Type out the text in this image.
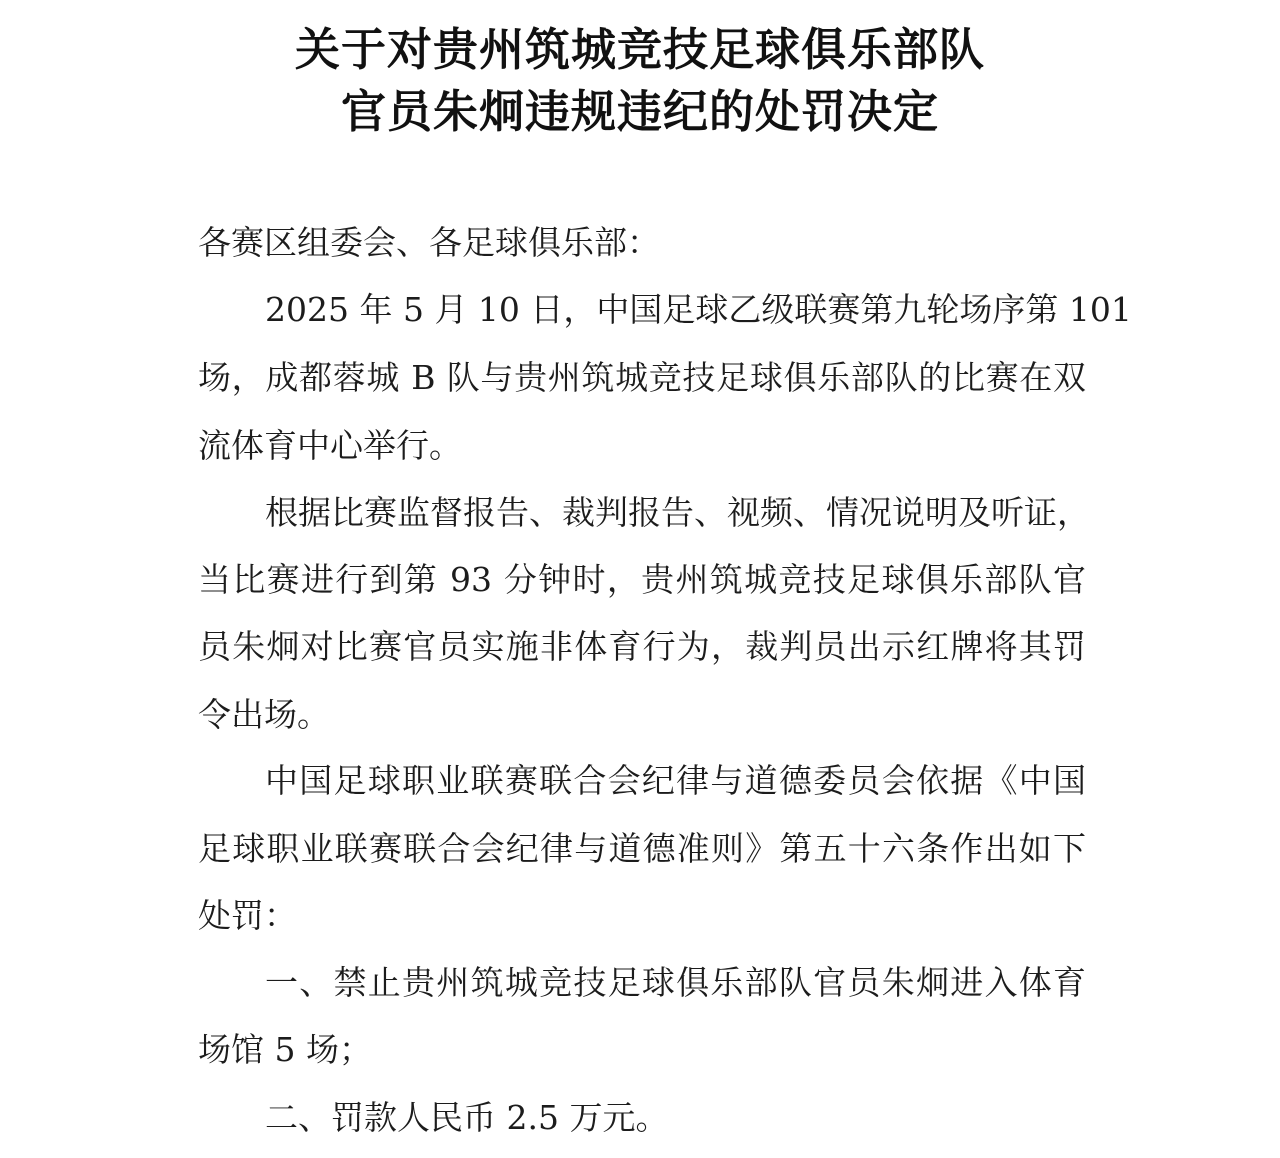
关于对贵州筑城竞技足球俱乐部队
官员朱炯违规违纪的处罚决定
各赛区组委会、各足球俱乐部：
2025 年 5 月 10 日，中国足球乙级联赛第九轮场序第 101
场，成都蓉城 B 队与贵州筑城竞技足球俱乐部队的比赛在双
流体育中心举行。
根据比赛监督报告、裁判报告、视频、情况说明及听证，
当比赛进行到第 93 分钟时，贵州筑城竞技足球俱乐部队官
员朱炯对比赛官员实施非体育行为，裁判员出示红牌将其罚
令出场。
中国足球职业联赛联合会纪律与道德委员会依据《中国
足球职业联赛联合会纪律与道德准则》第五十六条作出如下
处罚：
一、禁止贵州筑城竞技足球俱乐部队官员朱炯进入体育
场馆 5 场；
二、罚款人民币 2.5 万元。
